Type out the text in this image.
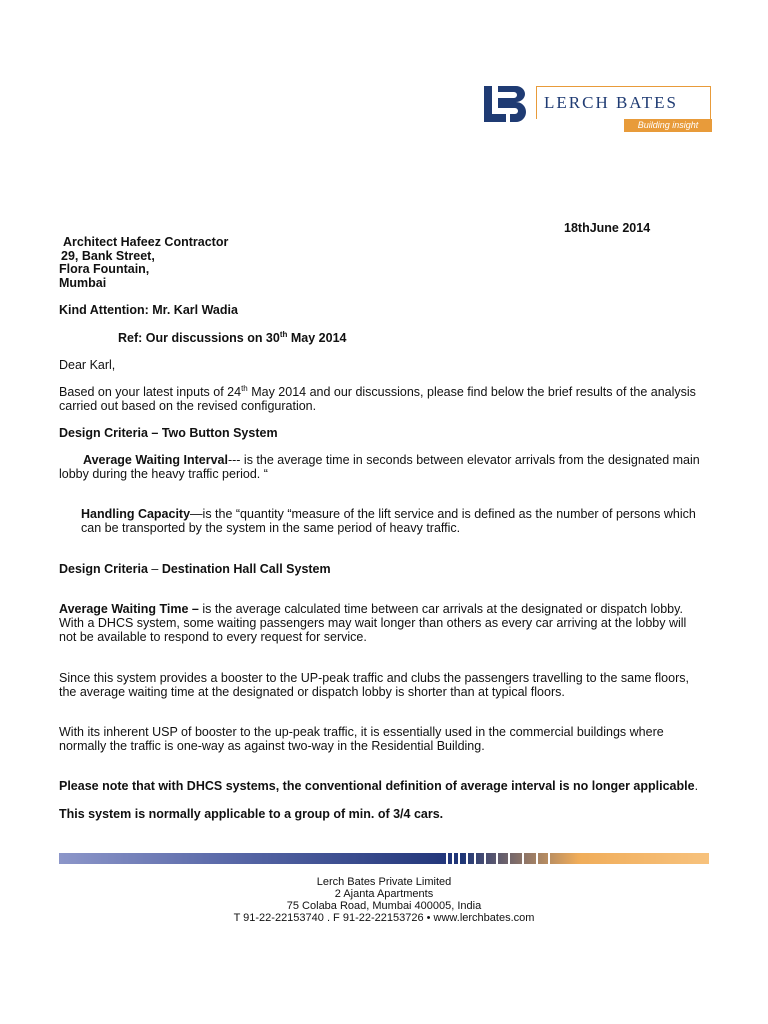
LERCH BATES
Building insight
18thJune 2014
Architect Hafeez Contractor
29, Bank Street,
Flora Fountain,
Mumbai
Kind Attention: Mr. Karl Wadia
Ref: Our discussions on 30th May 2014
Dear Karl,
Based on your latest inputs of 24th May 2014 and our discussions, please find below the brief results of the analysis
carried out based on the revised configuration.
Design Criteria – Two Button System
Average Waiting Interval--- is the average time in seconds between elevator arrivals from the designated main
lobby during the heavy traffic period. “
Handling Capacity—is the “quantity “measure of the lift service and is defined as the number of persons which
can be transported by the system in the same period of heavy traffic.
Design Criteria – Destination Hall Call System
Average Waiting Time – is the average calculated time between car arrivals at the designated or dispatch lobby.
With a DHCS system, some waiting passengers may wait longer than others as every car arriving at the lobby will
not be available to respond to every request for service.
Since this system provides a booster to the UP-peak traffic and clubs the passengers travelling to the same floors,
the average waiting time at the designated or dispatch lobby is shorter than at typical floors.
With its inherent USP of booster to the up-peak traffic, it is essentially used in the commercial buildings where
normally the traffic is one-way as against two-way in the Residential Building.
Please note that with DHCS systems, the conventional definition of average interval is no longer applicable.
This system is normally applicable to a group of min. of 3/4 cars.
Lerch Bates Private Limited
2 Ajanta Apartments
75 Colaba Road, Mumbai 400005, India
T 91-22-22153740 . F 91-22-22153726 • www.lerchbates.com
